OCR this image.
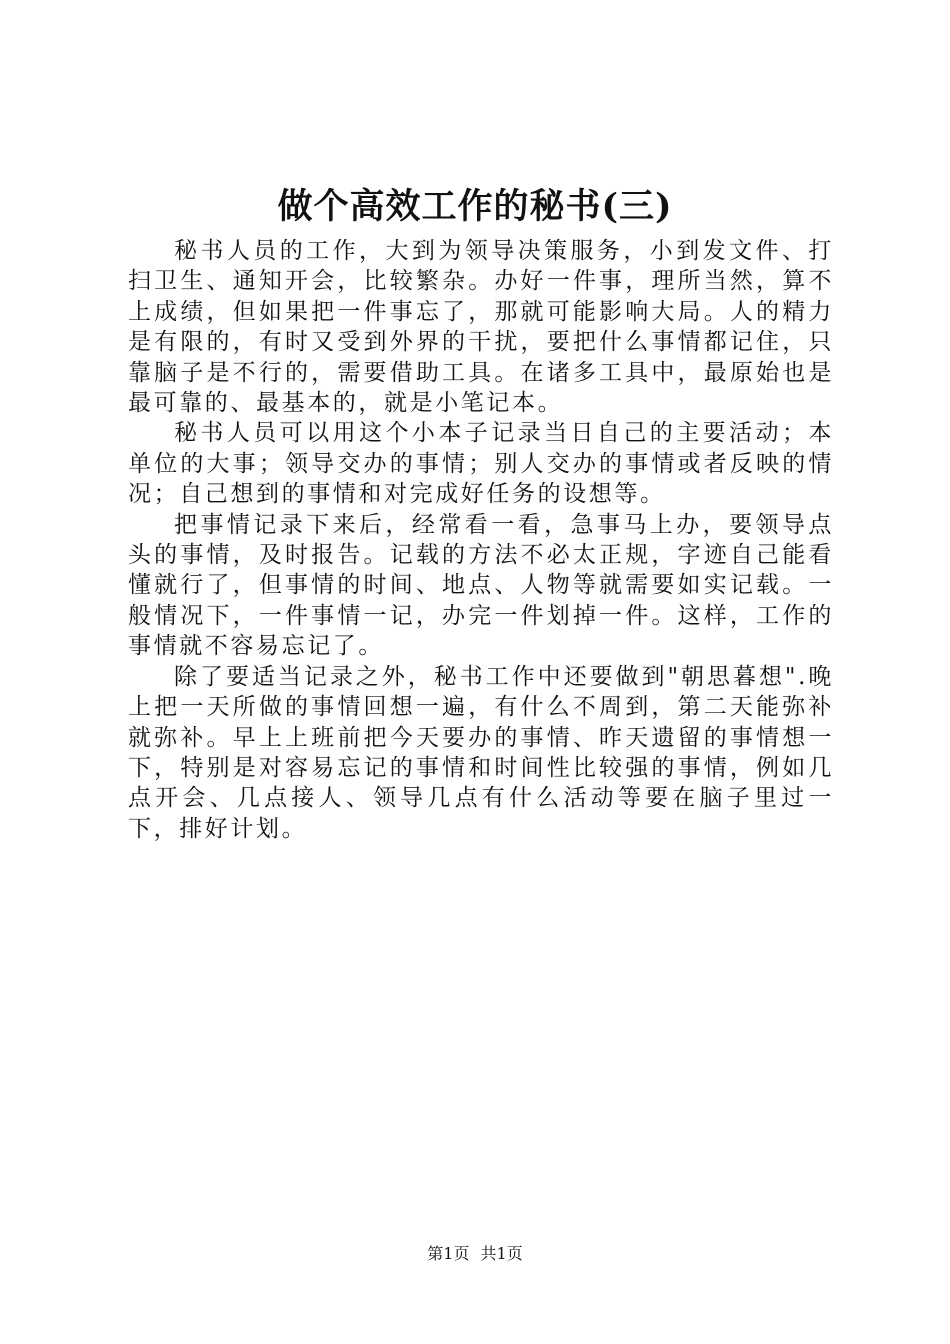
做个高效工作的秘书(三)

秘书人员的工作，大到为领导决策服务，小到发文件、打扫卫生、通知开会，比较繁杂。办好一件事，理所当然，算不上成绩，但如果把一件事忘了，那就可能影响大局。人的精力是有限的，有时又受到外界的干扰，要把什么事情都记住，只靠脑子是不行的，需要借助工具。在诸多工具中，最原始也是最可靠的、最基本的，就是小笔记本。

秘书人员可以用这个小本子记录当日自己的主要活动；本单位的大事；领导交办的事情；别人交办的事情或者反映的情况；自己想到的事情和对完成好任务的设想等。

把事情记录下来后，经常看一看，急事马上办，要领导点头的事情，及时报告。记载的方法不必太正规，字迹自己能看懂就行了，但事情的时间、地点、人物等就需要如实记载。一般情况下，一件事情一记，办完一件划掉一件。这样，工作的事情就不容易忘记了。

除了要适当记录之外，秘书工作中还要做到"朝思暮想".晚上把一天所做的事情回想一遍，有什么不周到，第二天能弥补就弥补。早上上班前把今天要办的事情、昨天遗留的事情想一下，特别是对容易忘记的事情和时间性比较强的事情，例如几点开会、几点接人、领导几点有什么活动等要在脑子里过一下，排好计划。

第1页 共1页
